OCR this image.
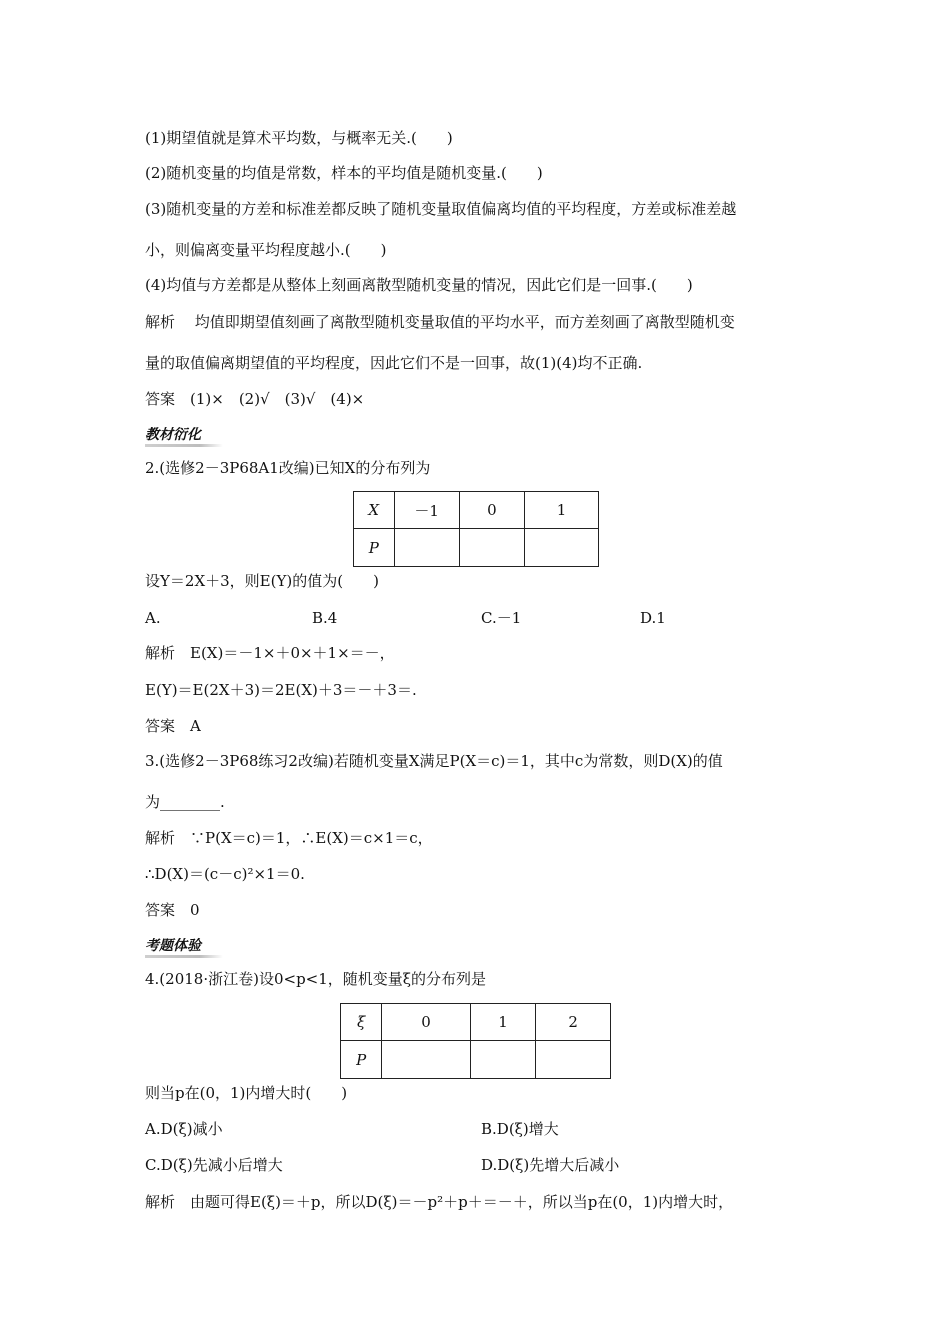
(1)期望值就是算术平均数，与概率无关.(　　)
(2)随机变量的均值是常数，样本的平均值是随机变量.(　　)
(3)随机变量的方差和标准差都反映了随机变量取值偏离均值的平均程度，方差或标准差越
小，则偏离变量平均程度越小.(　　)
(4)均值与方差都是从整体上刻画离散型随机变量的情况，因此它们是一回事.(　　)
解析　 均值即期望值刻画了离散型随机变量取值的平均水平，而方差刻画了离散型随机变
量的取值偏离期望值的平均程度，因此它们不是一回事，故(1)(4)均不正确.
答案　(1)×　(2)√　(3)√　(4)×
教材衍化
2.(选修2－3P68A1改编)已知X的分布列为
X	－1	0	1
P			
设Y＝2X＋3，则E(Y)的值为(　　)
A.	B.4	C.－1	D.1
解析　E(X)＝－1×＋0×＋1×＝－，
E(Y)＝E(2X＋3)＝2E(X)＋3＝－＋3＝.
答案　A
3.(选修2－3P68练习2改编)若随机变量X满足P(X＝c)＝1，其中c为常数，则D(X)的值
为________.
解析　∵P(X＝c)＝1，∴E(X)＝c×1＝c，
∴D(X)＝(c－c)²×1＝0.
答案　0
考题体验
4.(2018·浙江卷)设0<p<1，随机变量ξ的分布列是
ξ	0	1	2
P			
则当p在(0，1)内增大时(　　)
A.D(ξ)减小	B.D(ξ)增大
C.D(ξ)先减小后增大	D.D(ξ)先增大后减小
解析　由题可得E(ξ)＝＋p，所以D(ξ)＝－p²＋p＋＝－＋，所以当p在(0，1)内增大时，
